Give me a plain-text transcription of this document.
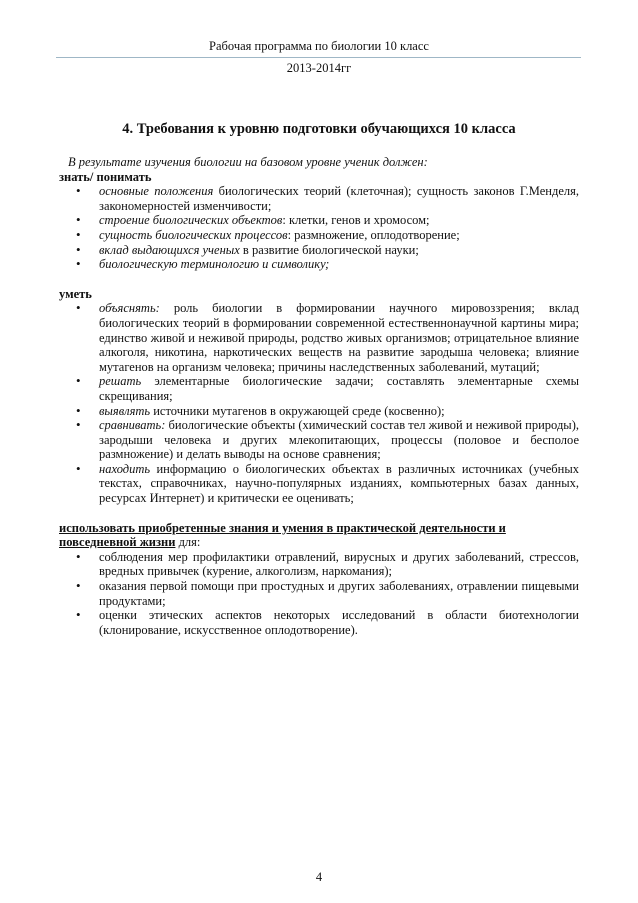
Рабочая программа по биологии 10 класс
2013-2014гг
4. Требования к уровню подготовки обучающихся 10 класса

В результате изучения биологии на базовом уровне ученик должен:

знать/ понимать

• основные положения биологических теорий (клеточная); сущность законов Г.Менделя, закономерностей изменчивости;
• строение биологических объектов: клетки, генов и хромосом;
• сущность биологических процессов: размножение, оплодотворение;
• вклад выдающихся ученых в развитие биологической науки;
• биологическую терминологию и символику;

уметь

• объяснять: роль биологии в формировании научного мировоззрения; вклад биологических теорий в формировании современной естественнонаучной картины мира; единство живой и неживой природы, родство живых организмов; отрицательное влияние алкоголя, никотина, наркотических веществ на развитие зародыша человека; влияние мутагенов на организм человека; причины наследственных заболеваний, мутаций;
• решать элементарные биологические задачи; составлять элементарные схемы скрещивания;
• выявлять источники мутагенов в окружающей среде (косвенно);
• сравнивать: биологические объекты (химический состав тел живой и неживой природы), зародыши человека и других млекопитающих, процессы (половое и бесполое размножение) и делать выводы на основе сравнения;
• находить информацию о биологических объектах в различных источниках (учебных текстах, справочниках, научно-популярных изданиях, компьютерных базах данных, ресурсах Интернет) и критически ее оценивать;

использовать приобретенные знания и умения в практической деятельности и
повседневной жизни для:

• соблюдения мер профилактики отравлений, вирусных и других заболеваний, стрессов, вредных привычек (курение, алкоголизм, наркомания);
• оказания первой помощи при простудных и других заболеваниях, отравлении пищевыми продуктами;
• оценки этических аспектов некоторых исследований в области биотехнологии (клонирование, искусственное оплодотворение).
4
